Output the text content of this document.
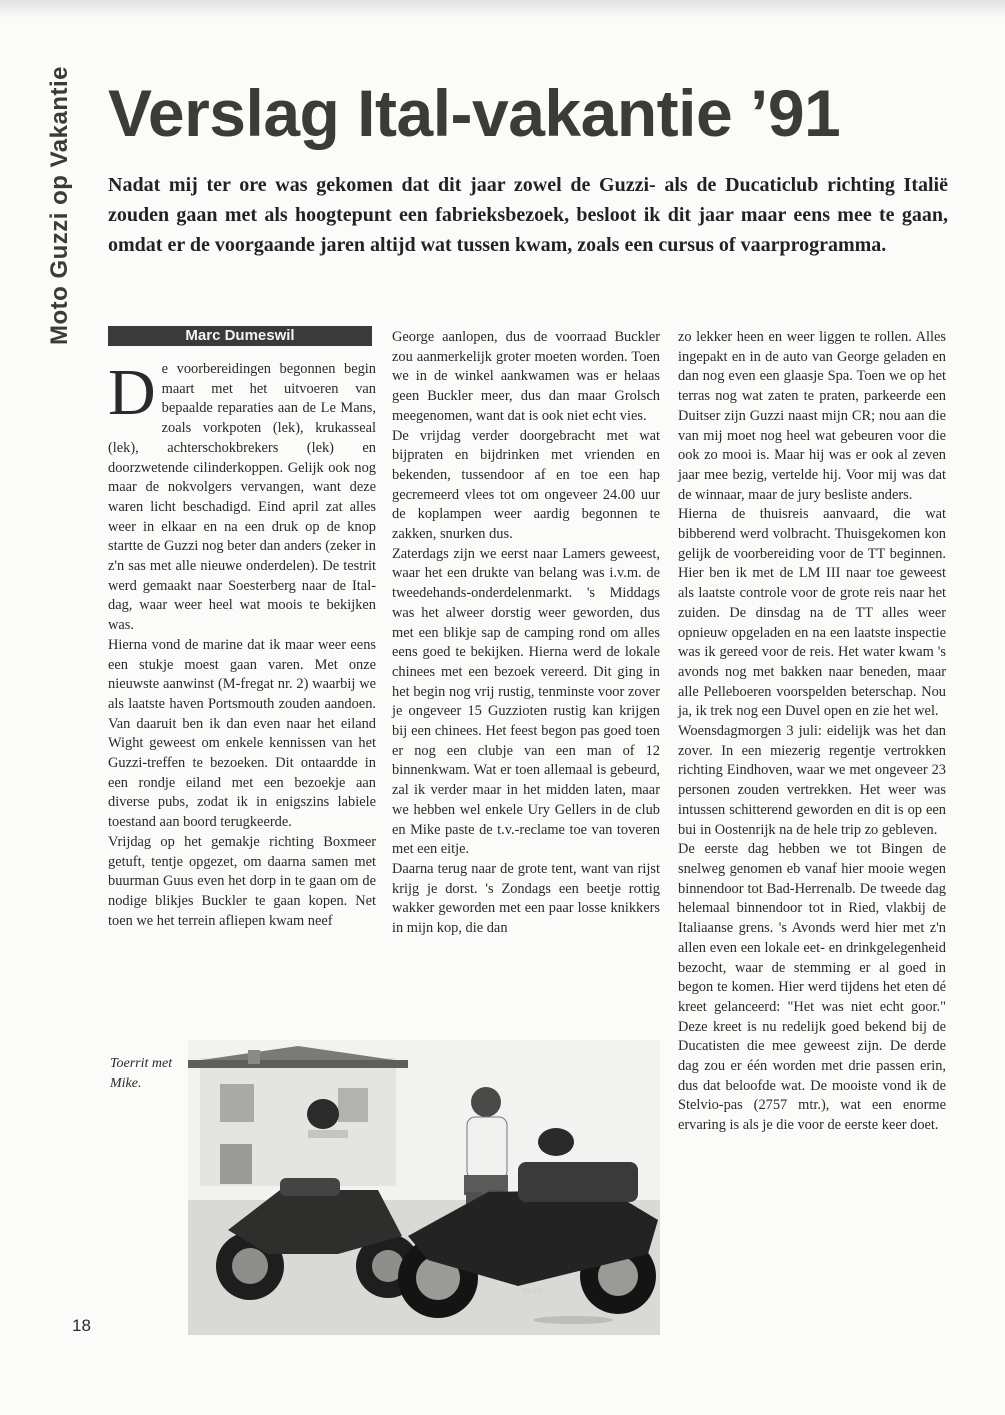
Moto Guzzi op Vakantie Verslag Ital-vakantie ’91

Nadat mij ter ore was gekomen dat dit jaar zowel de Guzzi- als de Ducaticlub richting Italië zouden gaan met als hoogtepunt een fabrieksbezoek, besloot ik dit jaar maar eens mee te gaan, omdat er de voorgaande jaren altijd wat tussen kwam, zoals een cursus of vaarprogramma.

Marc Dumeswil

De voorbereidingen begonnen begin maart met het uitvoeren van bepaalde reparaties aan de Le Mans, zoals vorkpoten (lek), krukasseal (lek), achterschokbrekers (lek) en doorzwetende cilinderkoppen. Gelijk ook nog maar de nokvolgers vervangen, want deze waren licht beschadigd. Eind april zat alles weer in elkaar en na een druk op de knop startte de Guzzi nog beter dan anders (zeker in z'n sas met alle nieuwe onderdelen). De testrit werd gemaakt naar Soesterberg naar de Ital-dag, waar weer heel wat moois te bekijken was.

Hierna vond de marine dat ik maar weer eens een stukje moest gaan varen. Met onze nieuwste aanwinst (M-fregat nr. 2) waarbij we als laatste haven Portsmouth zouden aandoen. Van daaruit ben ik dan even naar het eiland Wight geweest om enkele kennissen van het Guzzi-treffen te bezoeken. Dit ontaardde in een rondje eiland met een bezoekje aan diverse pubs, zodat ik in enigszins labiele toestand aan boord terugkeerde.

Vrijdag op het gemakje richting Boxmeer getuft, tentje opgezet, om daarna samen met buurman Guus even het dorp in te gaan om de nodige blikjes Buckler te gaan kopen. Net toen we het terrein afliepen kwam neef

George aanlopen, dus de voorraad Buckler zou aanmerkelijk groter moeten worden. Toen we in de winkel aankwamen was er helaas geen Buckler meer, dus dan maar Grolsch meegenomen, want dat is ook niet echt vies.

De vrijdag verder doorgebracht met wat bijpraten en bijdrinken met vrienden en bekenden, tussendoor af en toe een hap gecremeerd vlees tot om ongeveer 24.00 uur de koplampen weer aardig begonnen te zakken, snurken dus.

Zaterdags zijn we eerst naar Lamers geweest, waar het een drukte van belang was i.v.m. de tweedehands-onderdelenmarkt. 's Middags was het alweer dorstig weer geworden, dus met een blikje sap de camping rond om alles eens goed te bekijken. Hierna werd de lokale chinees met een bezoek vereerd. Dit ging in het begin nog vrij rustig, tenminste voor zover je ongeveer 15 Guzzioten rustig kan krijgen bij een chinees. Het feest begon pas goed toen er nog een clubje van een man of 12 binnenkwam. Wat er toen allemaal is gebeurd, zal ik verder maar in het midden laten, maar we hebben wel enkele Ury Gellers in de club en Mike paste de t.v.-reclame toe van toveren met een eitje.

Daarna terug naar de grote tent, want van rijst krijg je dorst. 's Zondags een beetje rottig wakker geworden met een paar losse knikkers in mijn kop, die dan

zo lekker heen en weer liggen te rollen. Alles ingepakt en in de auto van George geladen en dan nog even een glaasje Spa. Toen we op het terras nog wat zaten te praten, parkeerde een Duitser zijn Guzzi naast mijn CR; nou aan die van mij moet nog heel wat gebeuren voor die ook zo mooi is. Maar hij was er ook al zeven jaar mee bezig, vertelde hij. Voor mij was dat de winnaar, maar de jury besliste anders.

Hierna de thuisreis aanvaard, die wat bibberend werd volbracht. Thuisgekomen kon gelijk de voorbereiding voor de TT beginnen. Hier ben ik met de LM III naar toe geweest als laatste controle voor de grote reis naar het zuiden. De dinsdag na de TT alles weer opnieuw opgeladen en na een laatste inspectie was ik gereed voor de reis. Het water kwam 's avonds nog met bakken naar beneden, maar alle Pelleboeren voorspelden beterschap. Nou ja, ik trek nog een Duvel open en zie het wel.

Woensdagmorgen 3 juli: eidelijk was het dan zover. In een miezerig regentje vertrokken richting Eindhoven, waar we met ongeveer 23 personen zouden vertrekken. Het weer was intussen schitterend geworden en dit is op een bui in Oostenrijk na de hele trip zo gebleven.

De eerste dag hebben we tot Bingen de snelweg genomen eb vanaf hier mooie wegen binnendoor tot Bad-Herrenalb. De tweede dag helemaal binnendoor tot in Ried, vlakbij de Italiaanse grens. 's Avonds werd hier met z'n allen even een lokale eet- en drinkgelegenheid bezocht, waar de stemming er al goed in begon te komen. Hier werd tijdens het eten dé kreet gelanceerd: "Het was niet echt goor." Deze kreet is nu redelijk goed bekend bij de Ducatisten die mee geweest zijn. De derde dag zou er één worden met drie passen erin, dus dat beloofde wat. De mooiste vond ik de Stelvio-pas (2757 mtr.), wat een enorme ervaring is als je die voor de eerste keer doet.

Toerrit met Mike.
Mont
18
